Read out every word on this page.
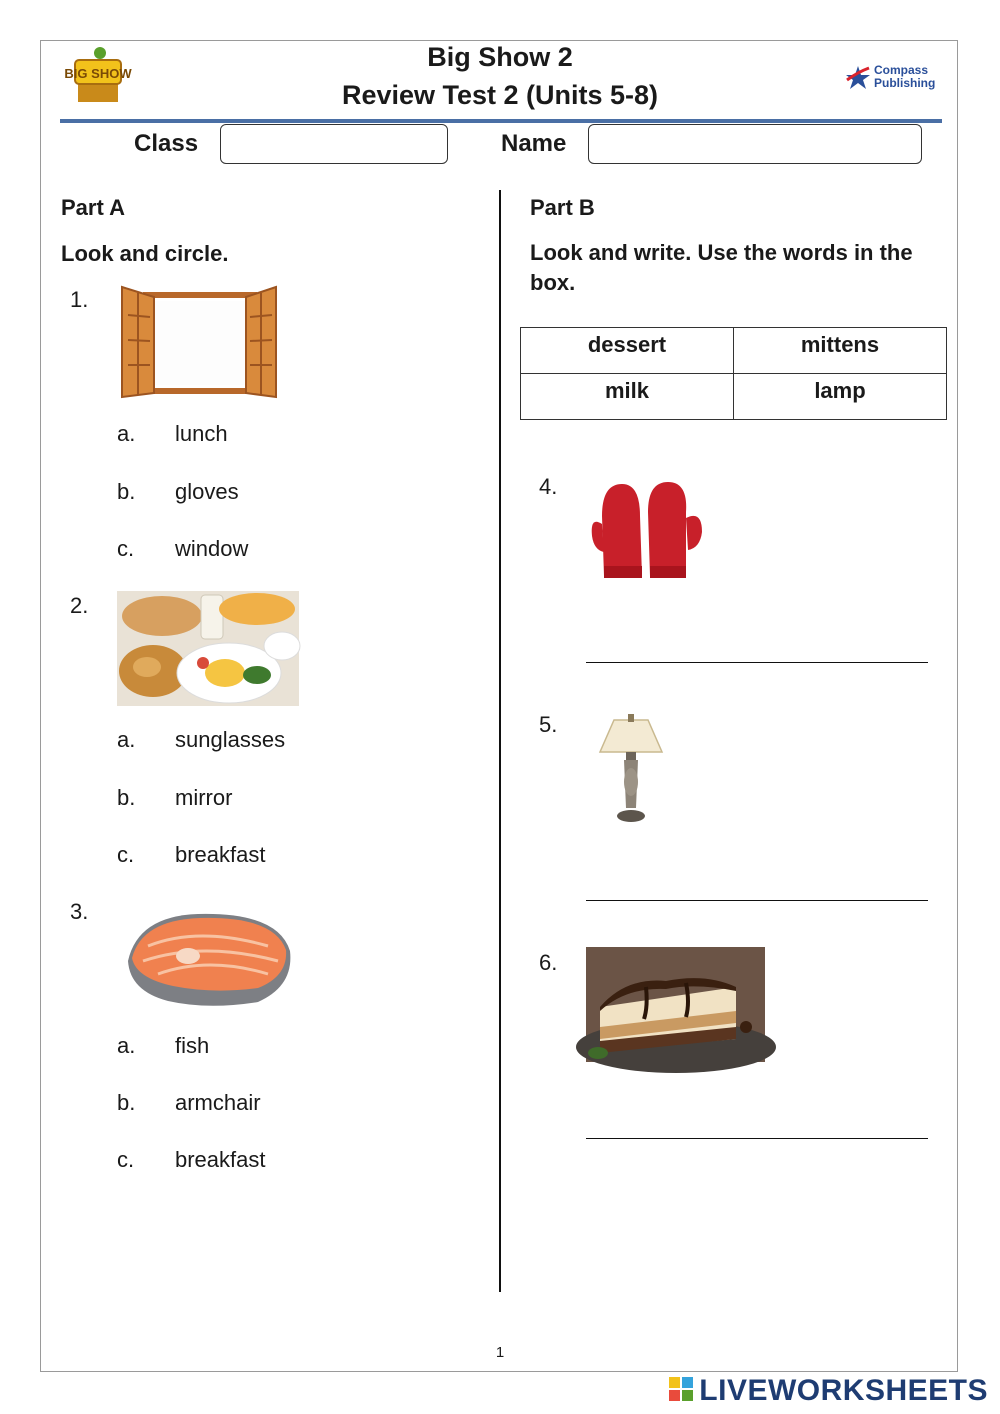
BIG SHOW
Big Show 2
Review Test 2 (Units 5-8)
Compass
Publishing
Class	Name
Part A
Look and circle.
1.
a. lunch
b. gloves
c. window
2.
a. sunglasses
b. mirror
c. breakfast
3.
a. fish
b. armchair
c. breakfast
Part B
Look and write. Use the words in the box.
dessert	mittens
milk	lamp
4.
5.
6.
1
LIVEWORKSHEETS
